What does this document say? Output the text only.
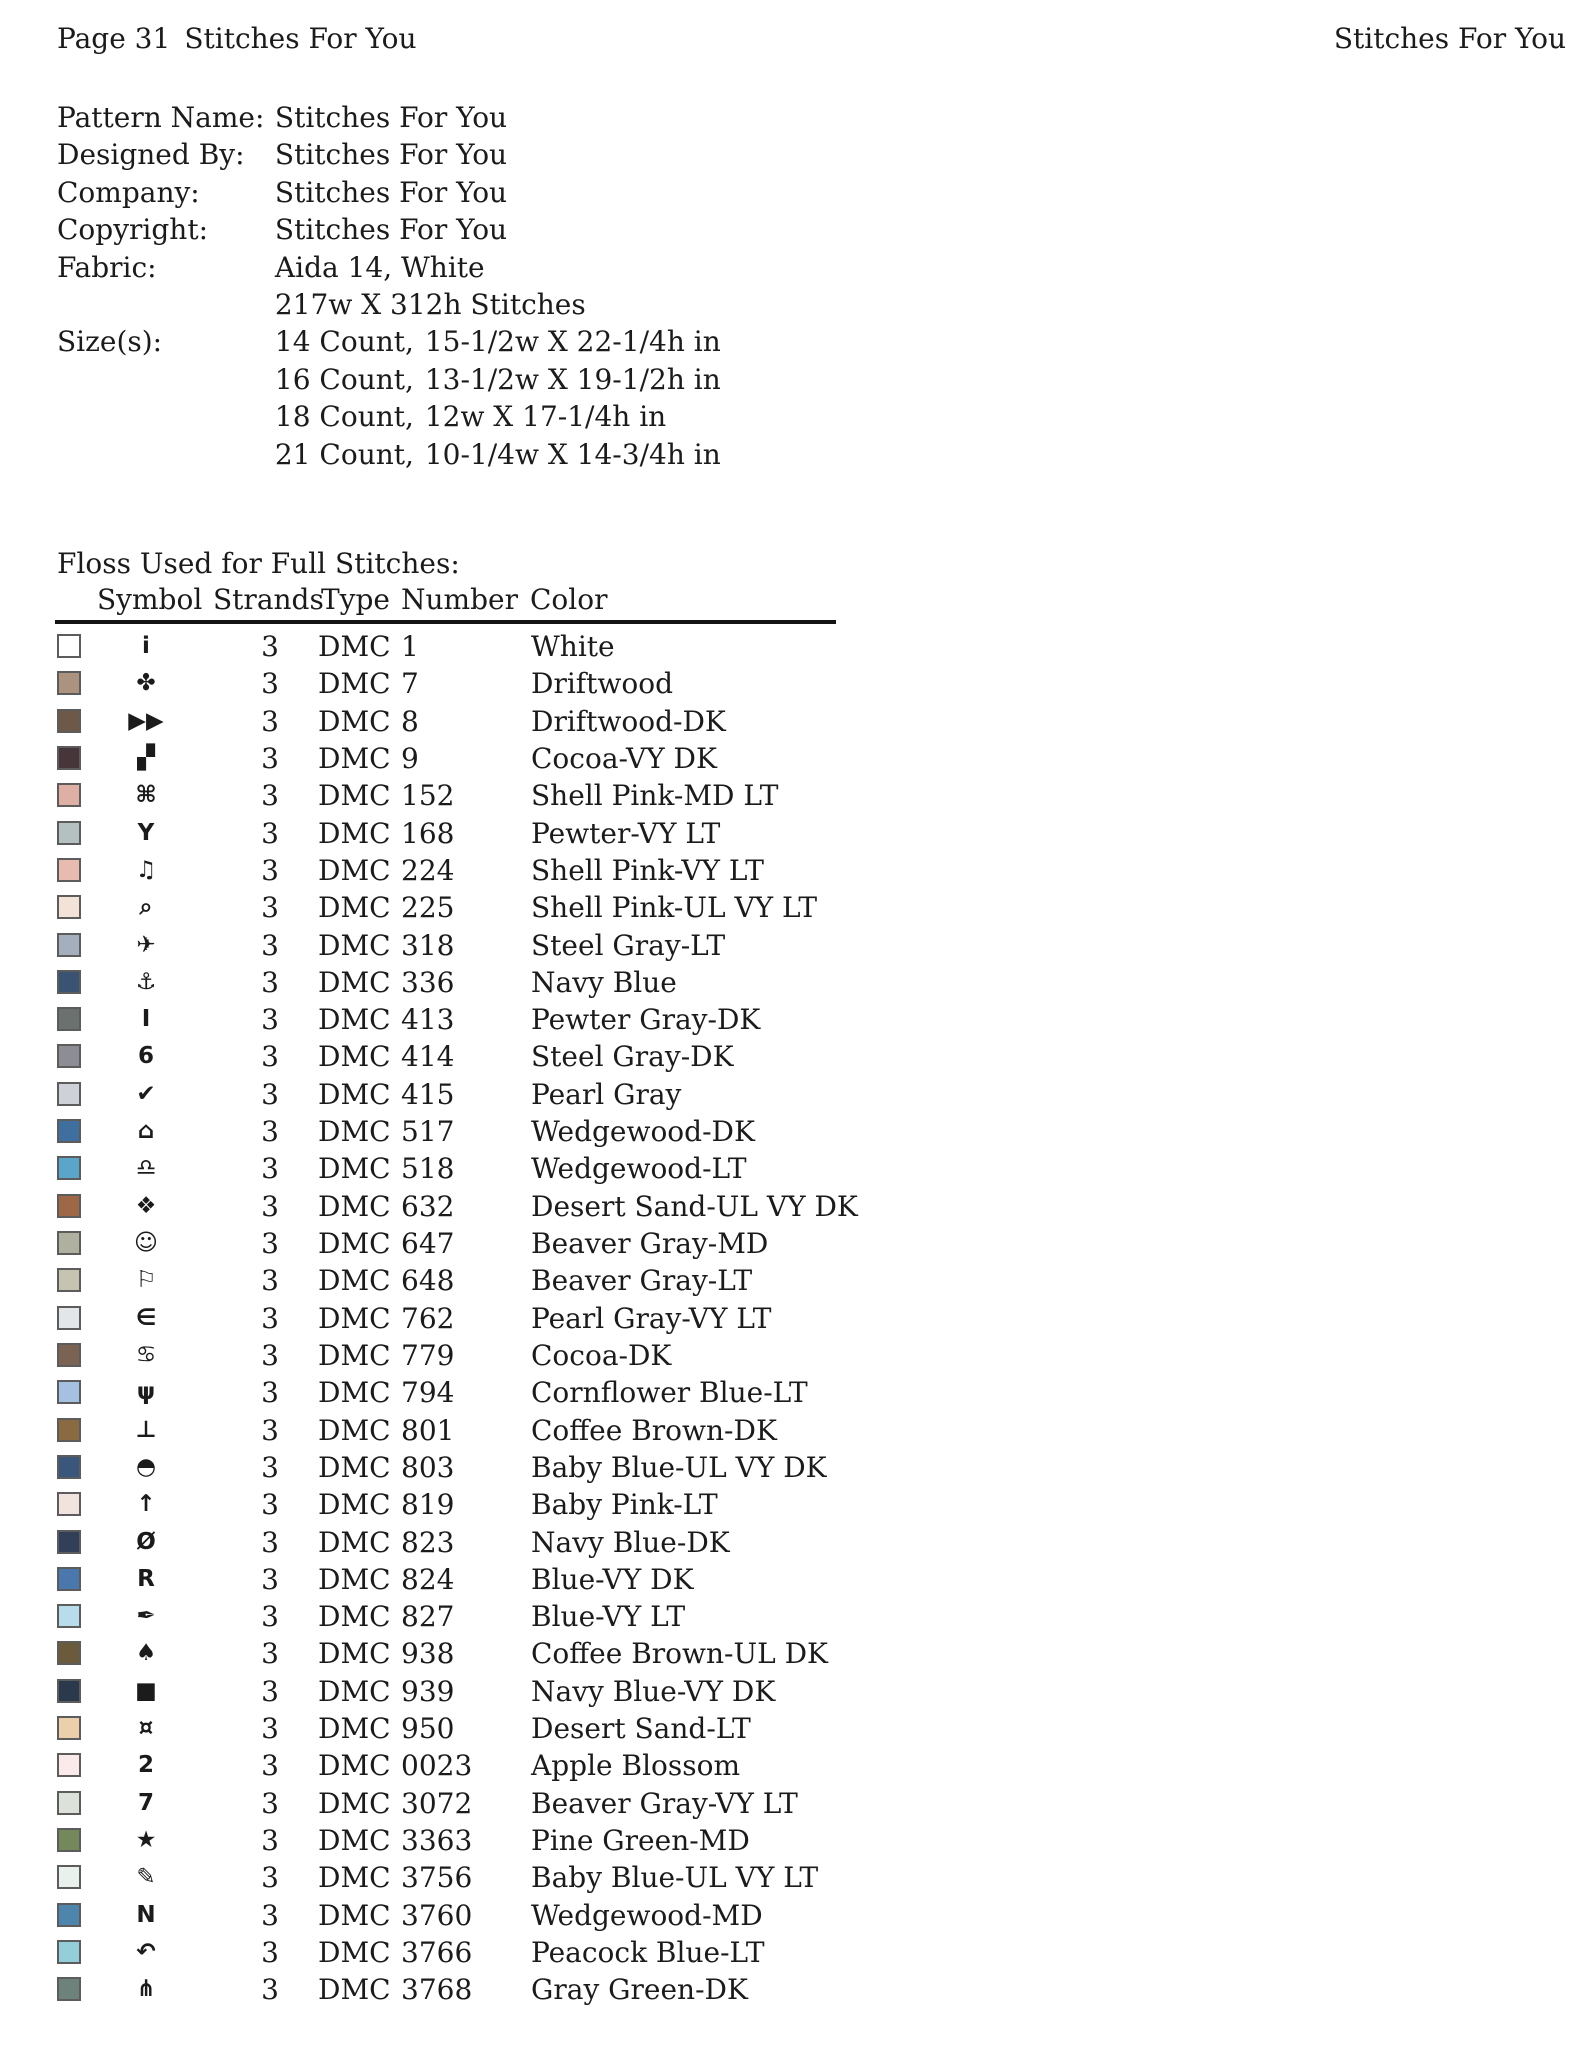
Page 31 Stitches For You	Stitches For You
Pattern Name: Stitches For You
Designed By: Stitches For You
Company:	Stitches For You
Copyright: Stitches For You
Fabric:	Aida 14, White
217w X 312h Stitches
Size(s):	14 Count, 15-1/2w X 22-1/4h in
16 Count, 13-1/2w X 19-1/2h in
18 Count, 12w X 17-1/4h in
21 Count, 10-1/4w X 14-3/4h in
Floss Used for Full Stitches:
Symbol Strands
Type Number Color
i	3	DMC 1	White
✤	3	DMC 7	Driftwood
▶▶	3	DMC 8	Driftwood-DK
▞	3	DMC 9	Cocoa-VY DK
⌘	3	DMC 152	Shell Pink-MD LT
Y	3	DMC 168	Pewter-VY LT
♫	3	DMC 224	Shell Pink-VY LT
⌕	3	DMC 225	Shell Pink-UL VY LT
✈	3	DMC 318	Steel Gray-LT
⚓	3	DMC 336	Navy Blue
I	3	DMC 413	Pewter Gray-DK
6	3	DMC 414	Steel Gray-DK
✔	3	DMC 415	Pearl Gray
⌂	3	DMC 517	Wedgewood-DK
♎	3	DMC 518	Wedgewood-LT
❖	3	DMC 632	Desert Sand-UL VY DK
☺	3	DMC 647	Beaver Gray-MD
⚐	3	DMC 648	Beaver Gray-LT
∈	3	DMC 762	Pearl Gray-VY LT
♋	3	DMC 779	Cocoa-DK
ψ	3	DMC 794	Cornflower Blue-LT
⊥	3	DMC 801	Coffee Brown-DK
◓	3	DMC 803	Baby Blue-UL VY DK
↑	3	DMC 819	Baby Pink-LT
Ø	3	DMC 823	Navy Blue-DK
R	3	DMC 824	Blue-VY DK
✒	3	DMC 827	Blue-VY LT
♠	3	DMC 938	Coffee Brown-UL DK
■	3	DMC 939	Navy Blue-VY DK
¤	3	DMC 950	Desert Sand-LT
2	3	DMC 0023 Apple Blossom
7	3	DMC 3072 Beaver Gray-VY LT
★	3	DMC 3363 Pine Green-MD
✎	3	DMC 3756 Baby Blue-UL VY LT
N	3	DMC 3760 Wedgewood-MD
↶	3	DMC 3766 Peacock Blue-LT
⋔	3	DMC 3768 Gray Green-DK
